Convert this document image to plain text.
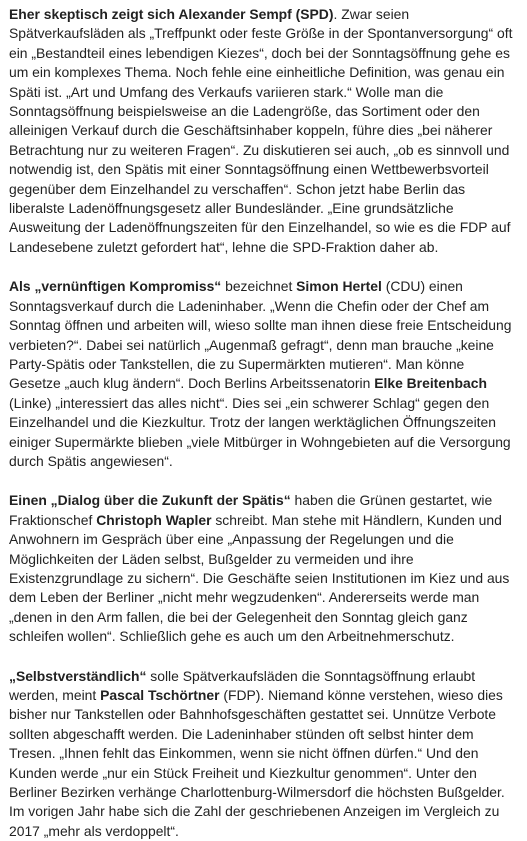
Eher skeptisch zeigt sich Alexander Sempf (SPD). Zwar seien Spätverkaufsläden als „Treffpunkt oder feste Größe in der Spontanversorgung“ oft ein „Bestandteil eines lebendigen Kiezes“, doch bei der Sonntagsöffnung gehe es um ein komplexes Thema. Noch fehle eine einheitliche Definition, was genau ein Späti ist. „Art und Umfang des Verkaufs variieren stark.“ Wolle man die Sonntagsöffnung beispielsweise an die Ladengröße, das Sortiment oder den alleinigen Verkauf durch die Geschäftsinhaber koppeln, führe dies „bei näherer Betrachtung nur zu weiteren Fragen“. Zu diskutieren sei auch, „ob es sinnvoll und notwendig ist, den Spätis mit einer Sonntagsöffnung einen Wettbewerbsvorteil gegenüber dem Einzelhandel zu verschaffen“. Schon jetzt habe Berlin das liberalste Ladenöffnungsgesetz aller Bundesländer. „Eine grundsätzliche Ausweitung der Ladenöffnungszeiten für den Einzelhandel, so wie es die FDP auf Landesebene zuletzt gefordert hat“, lehne die SPD-Fraktion daher ab.

Als „vernünftigen Kompromiss“ bezeichnet Simon Hertel (CDU) einen Sonntagsverkauf durch die Ladeninhaber. „Wenn die Chefin oder der Chef am Sonntag öffnen und arbeiten will, wieso sollte man ihnen diese freie Entscheidung verbieten?“. Dabei sei natürlich „Augenmaß gefragt“, denn man brauche „keine Party-Spätis oder Tankstellen, die zu Supermärkten mutieren“. Man könne Gesetze „auch klug ändern“. Doch Berlins Arbeitssenatorin Elke Breitenbach (Linke) „interessiert das alles nicht“. Dies sei „ein schwerer Schlag“ gegen den Einzelhandel und die Kiezkultur. Trotz der langen werktäglichen Öffnungszeiten einiger Supermärkte blieben „viele Mitbürger in Wohngebieten auf die Versorgung durch Spätis angewiesen“.

Einen „Dialog über die Zukunft der Spätis“ haben die Grünen gestartet, wie Fraktionschef Christoph Wapler schreibt. Man stehe mit Händlern, Kunden und Anwohnern im Gespräch über eine „Anpassung der Regelungen und die Möglichkeiten der Läden selbst, Bußgelder zu vermeiden und ihre Existenzgrundlage zu sichern“. Die Geschäfte seien Institutionen im Kiez und aus dem Leben der Berliner „nicht mehr wegzudenken“. Andererseits werde man „denen in den Arm fallen, die bei der Gelegenheit den Sonntag gleich ganz schleifen wollen“. Schließlich gehe es auch um den Arbeitnehmerschutz.

„Selbstverständlich“ solle Spätverkaufsläden die Sonntagsöffnung erlaubt werden, meint Pascal Tschörtner (FDP). Niemand könne verstehen, wieso dies bisher nur Tankstellen oder Bahnhofsgeschäften gestattet sei. Unnütze Verbote sollten abgeschafft werden. Die Ladeninhaber stünden oft selbst hinter dem Tresen. „Ihnen fehlt das Einkommen, wenn sie nicht öffnen dürfen.“ Und den Kunden werde „nur ein Stück Freiheit und Kiezkultur genommen“. Unter den Berliner Bezirken verhänge Charlottenburg-Wilmersdorf die höchsten Bußgelder. Im vorigen Jahr habe sich die Zahl der geschriebenen Anzeigen im Vergleich zu 2017 „mehr als verdoppelt“.
